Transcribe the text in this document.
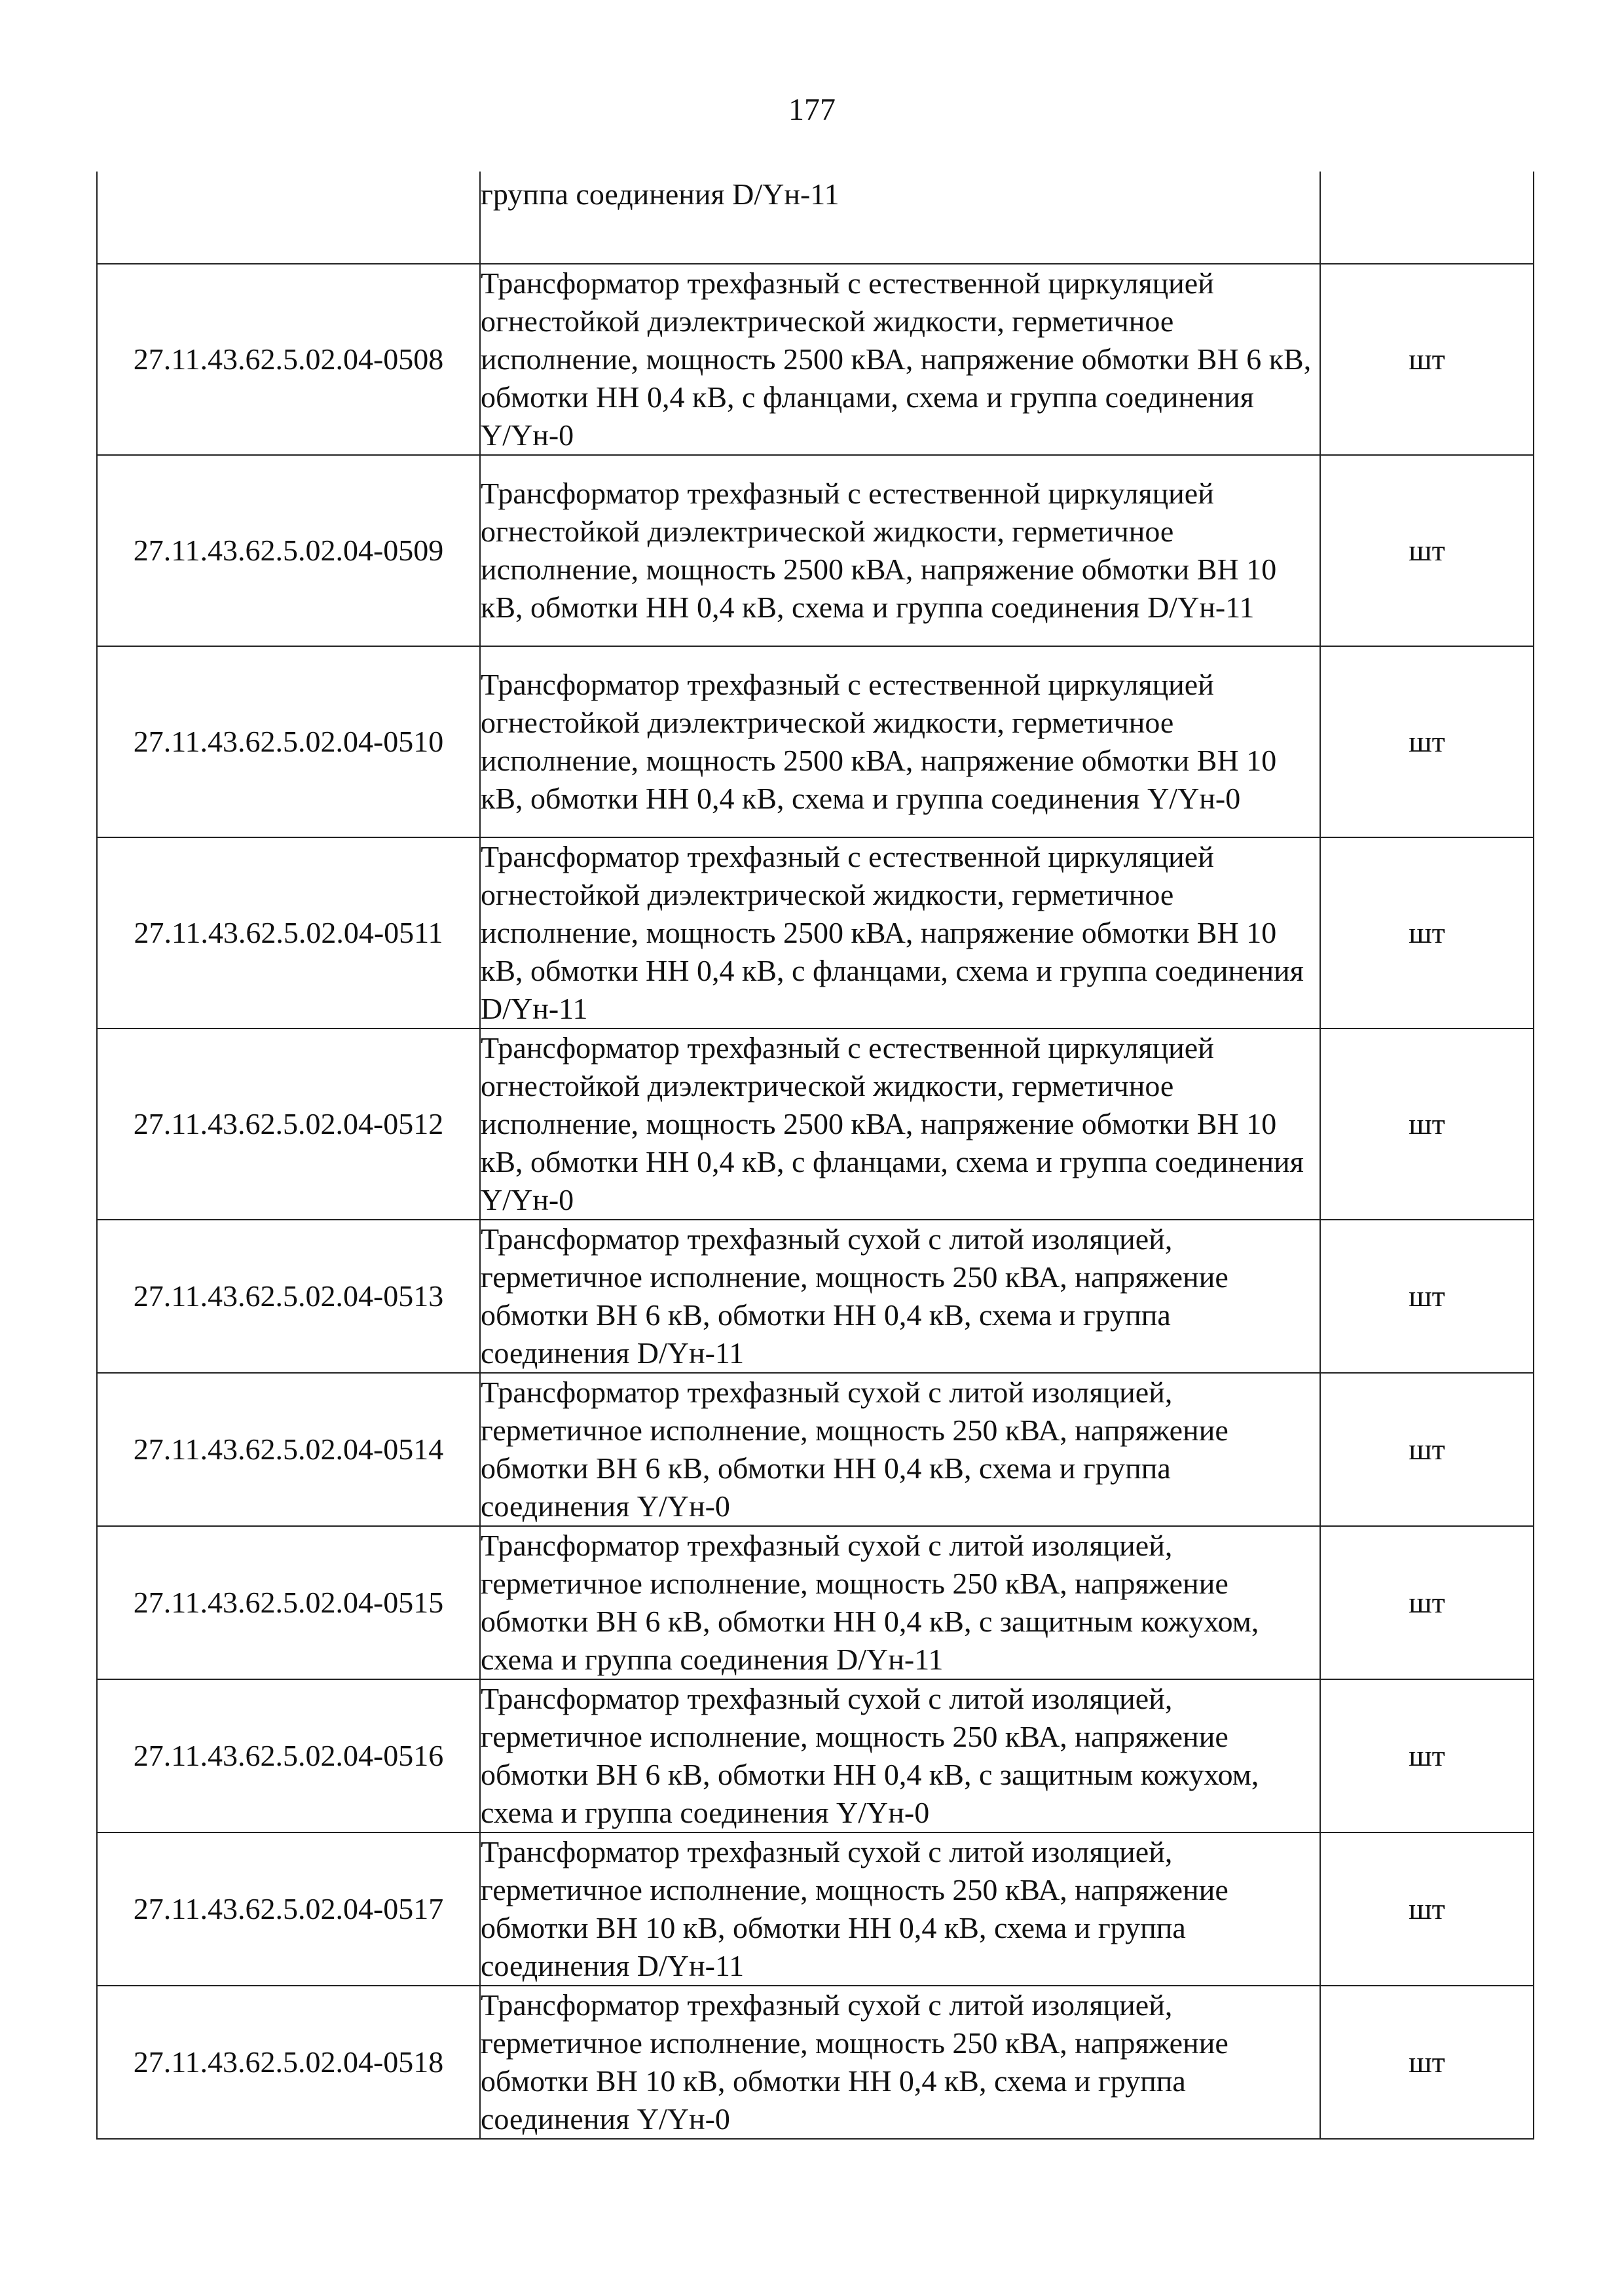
177
	группа соединения D/Yн-11	
27.11.43.62.5.02.04-0508	Трансформатор трехфазный с естественной циркуляцией огнестойкой диэлектрической жидкости, герметичное исполнение, мощность 2500 кВА, напряжение обмотки ВН 6 кВ, обмотки НН 0,4 кВ, с фланцами, схема и группа соединения Y/Yн-0	шт
27.11.43.62.5.02.04-0509	Трансформатор трехфазный с естественной циркуляцией огнестойкой диэлектрической жидкости, герметичное исполнение, мощность 2500 кВА, напряжение обмотки ВН 10 кВ, обмотки НН 0,4 кВ, схема и группа соединения D/Yн-11	шт
27.11.43.62.5.02.04-0510	Трансформатор трехфазный с естественной циркуляцией огнестойкой диэлектрической жидкости, герметичное исполнение, мощность 2500 кВА, напряжение обмотки ВН 10 кВ, обмотки НН 0,4 кВ, схема и группа соединения Y/Yн-0	шт
27.11.43.62.5.02.04-0511	Трансформатор трехфазный с естественной циркуляцией огнестойкой диэлектрической жидкости, герметичное исполнение, мощность 2500 кВА, напряжение обмотки ВН 10 кВ, обмотки НН 0,4 кВ, с фланцами, схема и группа соединения D/Yн-11	шт
27.11.43.62.5.02.04-0512	Трансформатор трехфазный с естественной циркуляцией огнестойкой диэлектрической жидкости, герметичное исполнение, мощность 2500 кВА, напряжение обмотки ВН 10 кВ, обмотки НН 0,4 кВ, с фланцами, схема и группа соединения Y/Yн-0	шт
27.11.43.62.5.02.04-0513	Трансформатор трехфазный сухой с литой изоляцией, герметичное исполнение, мощность 250 кВА, напряжение обмотки ВН 6 кВ, обмотки НН 0,4 кВ, схема и группа соединения D/Yн-11	шт
27.11.43.62.5.02.04-0514	Трансформатор трехфазный сухой с литой изоляцией, герметичное исполнение, мощность 250 кВА, напряжение обмотки ВН 6 кВ, обмотки НН 0,4 кВ, схема и группа соединения Y/Yн-0	шт
27.11.43.62.5.02.04-0515	Трансформатор трехфазный сухой с литой изоляцией, герметичное исполнение, мощность 250 кВА, напряжение обмотки ВН 6 кВ, обмотки НН 0,4 кВ, с защитным кожухом, схема и группа соединения D/Yн-11	шт
27.11.43.62.5.02.04-0516	Трансформатор трехфазный сухой с литой изоляцией, герметичное исполнение, мощность 250 кВА, напряжение обмотки ВН 6 кВ, обмотки НН 0,4 кВ, с защитным кожухом, схема и группа соединения Y/Yн-0	шт
27.11.43.62.5.02.04-0517	Трансформатор трехфазный сухой с литой изоляцией, герметичное исполнение, мощность 250 кВА, напряжение обмотки ВН 10 кВ, обмотки НН 0,4 кВ, схема и группа соединения D/Yн-11	шт
27.11.43.62.5.02.04-0518	Трансформатор трехфазный сухой с литой изоляцией, герметичное исполнение, мощность 250 кВА, напряжение обмотки ВН 10 кВ, обмотки НН 0,4 кВ, схема и группа соединения Y/Yн-0	шт
